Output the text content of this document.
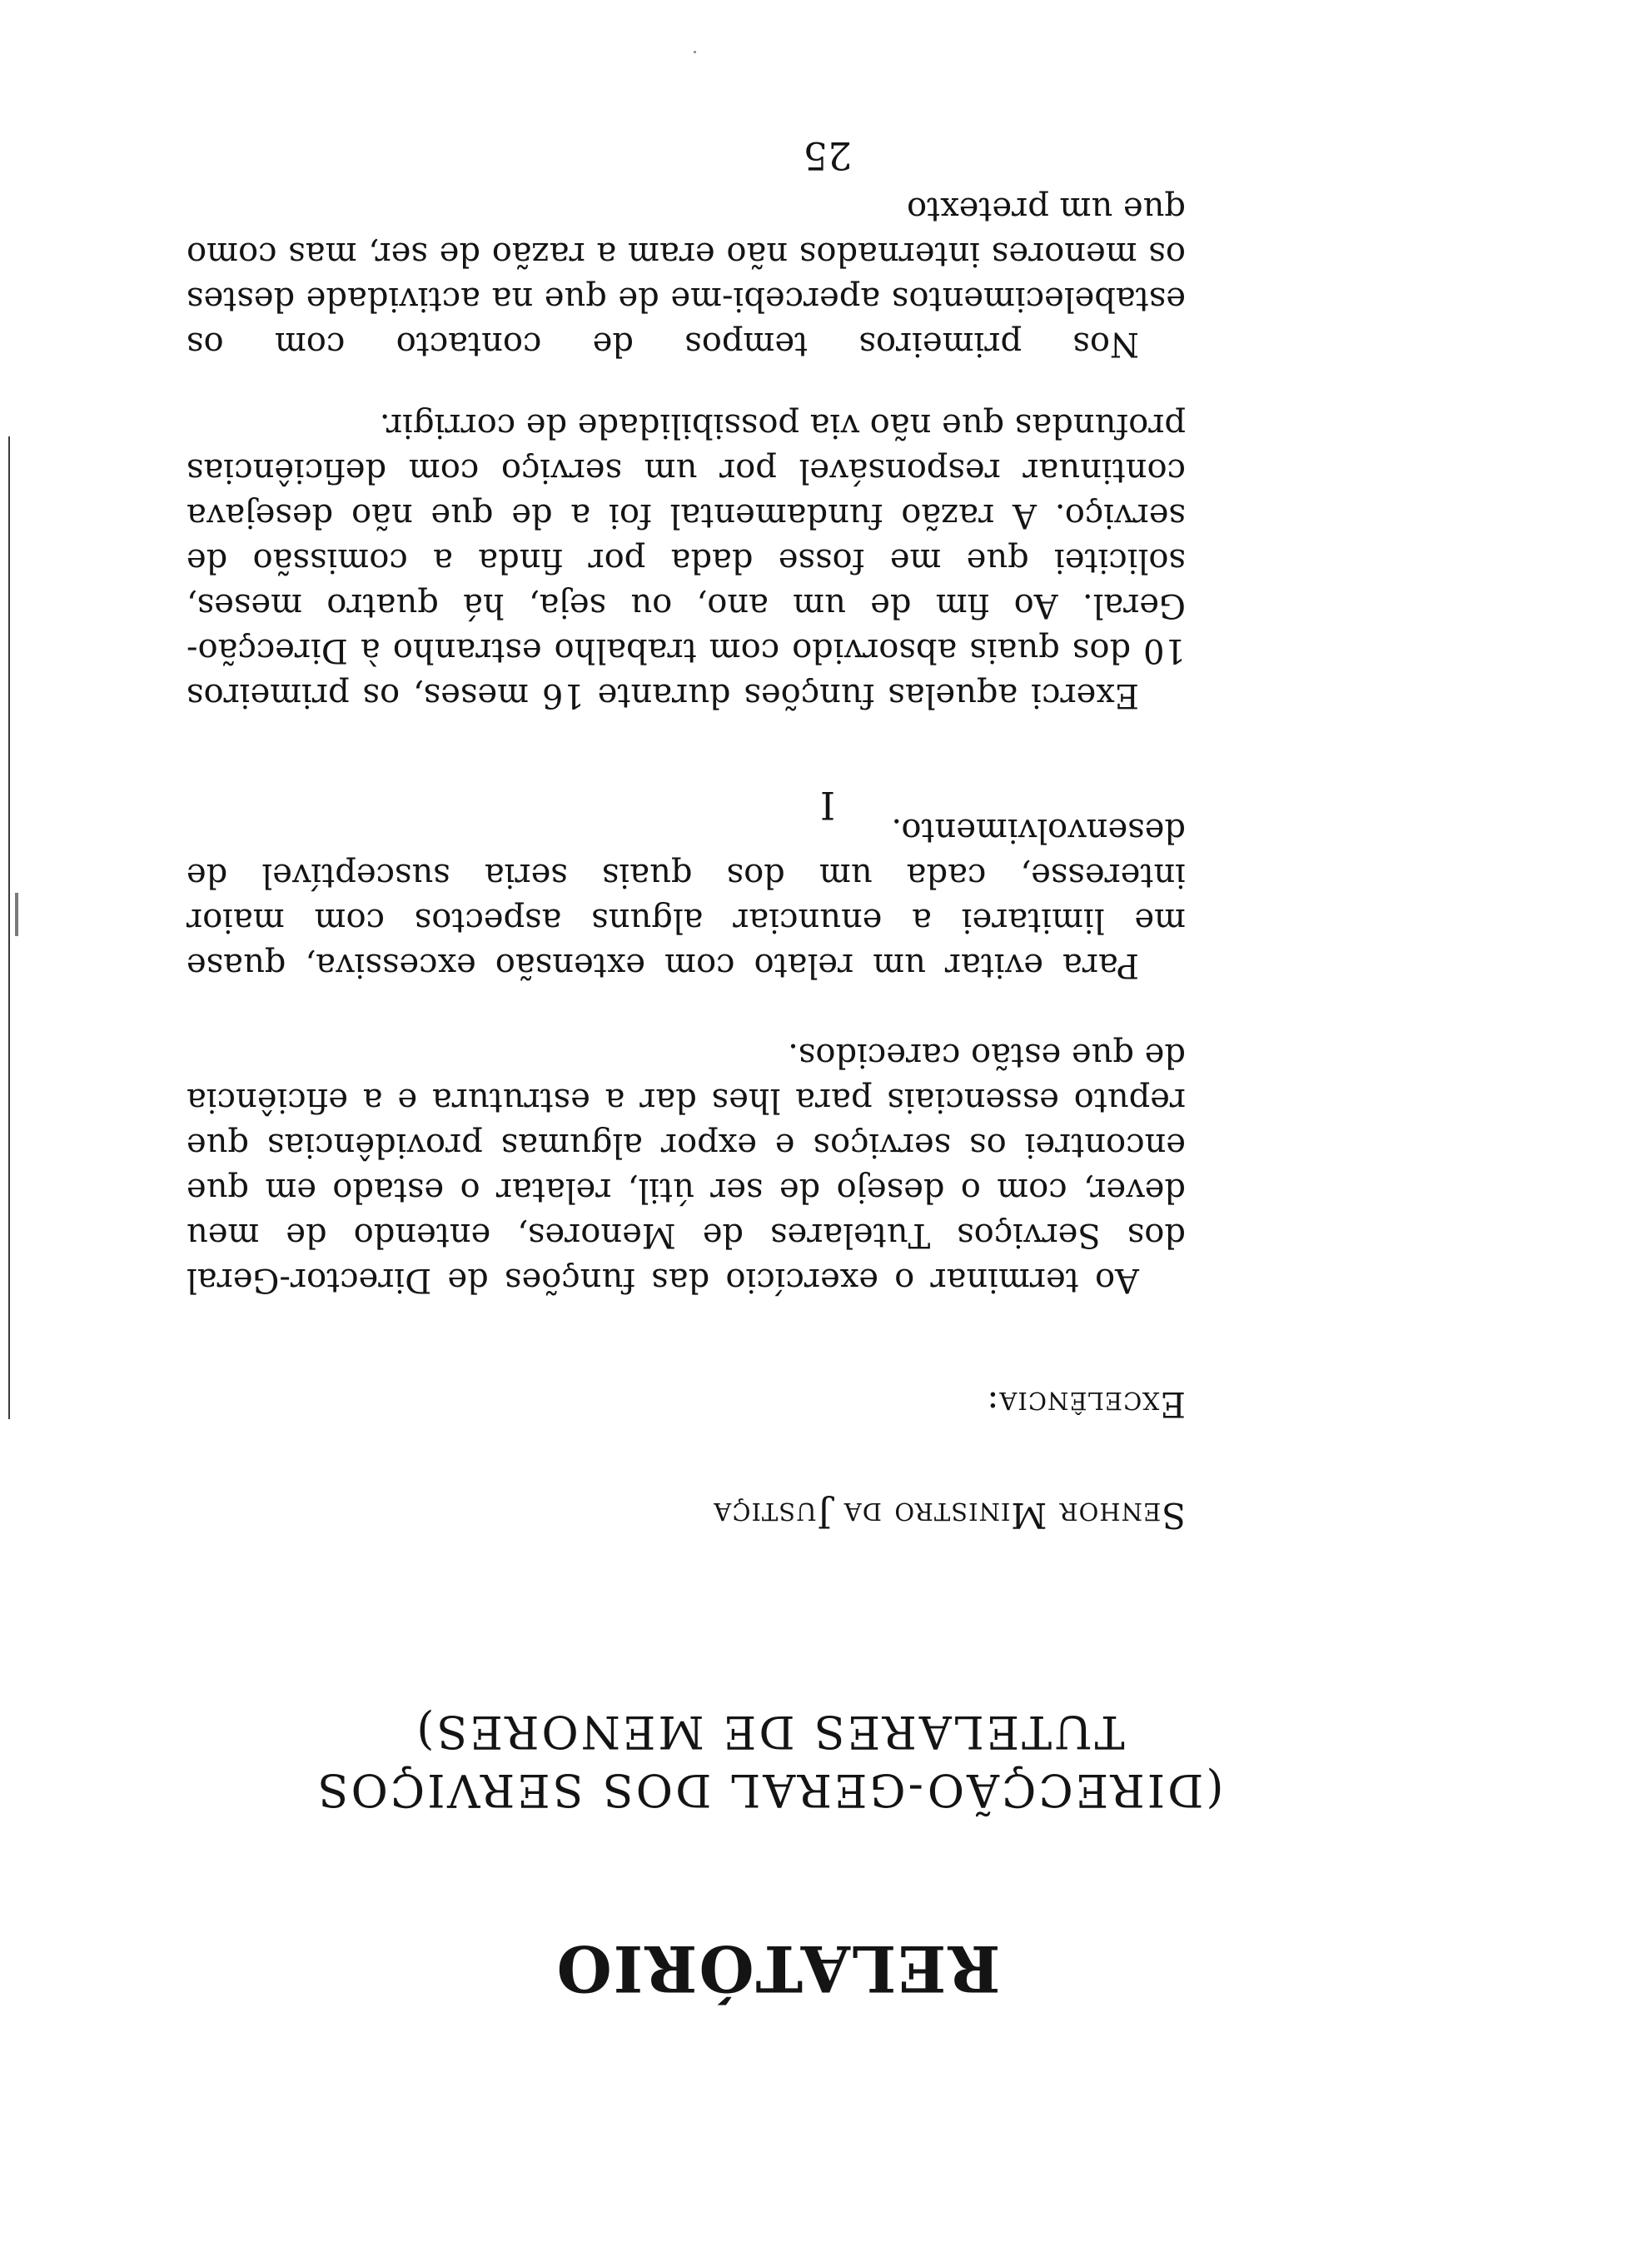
RELATÓRIO
(DIRECÇÃO-GERAL DOS SERVIÇOS
TUTELARES DE MENORES)
Senhor Ministro da Justiça
Excelência:

Ao terminar o exercício das funções de Director-Geral dos Serviços Tutelares de Menores, entendo de meu dever, com o desejo de ser útil, relatar o estado em que encontrei os serviços e expor algumas providências que reputo essenciais para lhes dar a estrutura e a eficiência de que estão carecidos.

Para evitar um relato com extensão excessiva, quase me limitarei a enunciar alguns aspectos com maior interesse, cada um dos quais seria susceptível de desenvolvimento.

I

Exerci aquelas funções durante 16 meses, os primeiros 10 dos quais absorvido com trabalho estranho à Direcção-Geral. Ao fim de um ano, ou seja, há quatro meses, solicitei que me fosse dada por finda a comissão de serviço. A razão fundamental foi a de que não desejava continuar responsável por um serviço com deficiências profundas que não via possibilidade de corrigir.

Nos primeiros tempos de contacto com os estabelecimentos apercebi-me de que na actividade destes os menores internados não eram a razão de ser, mas como que um pretexto

25
